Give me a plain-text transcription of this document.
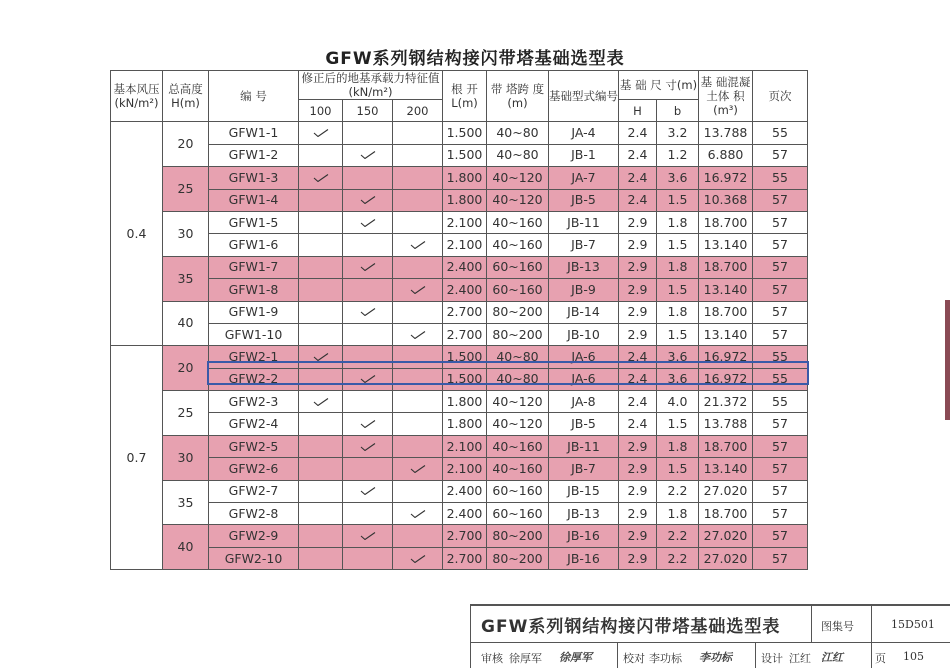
GFW系列钢结构接闪带塔基础选型表
基本风压(kN/m²)	总高度H(m)	编 号	修正后的地基承载力特征值(kN/m²)			根 开L(m)	带 塔跨 度(m)	基础型式编号	基 础 尺 寸(m)		基 础混凝土体 积(m³)	页次
			100	150	200				H	b		
0.4	20	GFW1-1				1.500	40~80	JA-4	2.4	3.2	13.788	55
		GFW1-2				1.500	40~80	JB-1	2.4	1.2	6.880	57
	25	GFW1-3				1.800	40~120	JA-7	2.4	3.6	16.972	55
		GFW1-4				1.800	40~120	JB-5	2.4	1.5	10.368	57
	30	GFW1-5				2.100	40~160	JB-11	2.9	1.8	18.700	57
		GFW1-6				2.100	40~160	JB-7	2.9	1.5	13.140	57
	35	GFW1-7				2.400	60~160	JB-13	2.9	1.8	18.700	57
		GFW1-8				2.400	60~160	JB-9	2.9	1.5	13.140	57
	40	GFW1-9				2.700	80~200	JB-14	2.9	1.8	18.700	57
		GFW1-10				2.700	80~200	JB-10	2.9	1.5	13.140	57
0.7	20	GFW2-1				1.500	40~80	JA-6	2.4	3.6	16.972	55
		GFW2-2				1.500	40~80	JA-6	2.4	3.6	16.972	55
	25	GFW2-3				1.800	40~120	JA-8	2.4	4.0	21.372	55
		GFW2-4				1.800	40~120	JB-5	2.4	1.5	13.788	57
	30	GFW2-5				2.100	40~160	JB-11	2.9	1.8	18.700	57
		GFW2-6				2.100	40~160	JB-7	2.9	1.5	13.140	57
	35	GFW2-7				2.400	60~160	JB-15	2.9	2.2	27.020	57
		GFW2-8				2.400	60~160	JB-13	2.9	1.8	18.700	57
	40	GFW2-9				2.700	80~200	JB-16	2.9	2.2	27.020	57
		GFW2-10				2.700	80~200	JB-16	2.9	2.2	27.020	57
GFW系列钢结构接闪带塔基础选型表	图集号	15D501
审核 徐厚军 徐厚军	校对 李功标 李功标	设计 江红 江红	页 105
